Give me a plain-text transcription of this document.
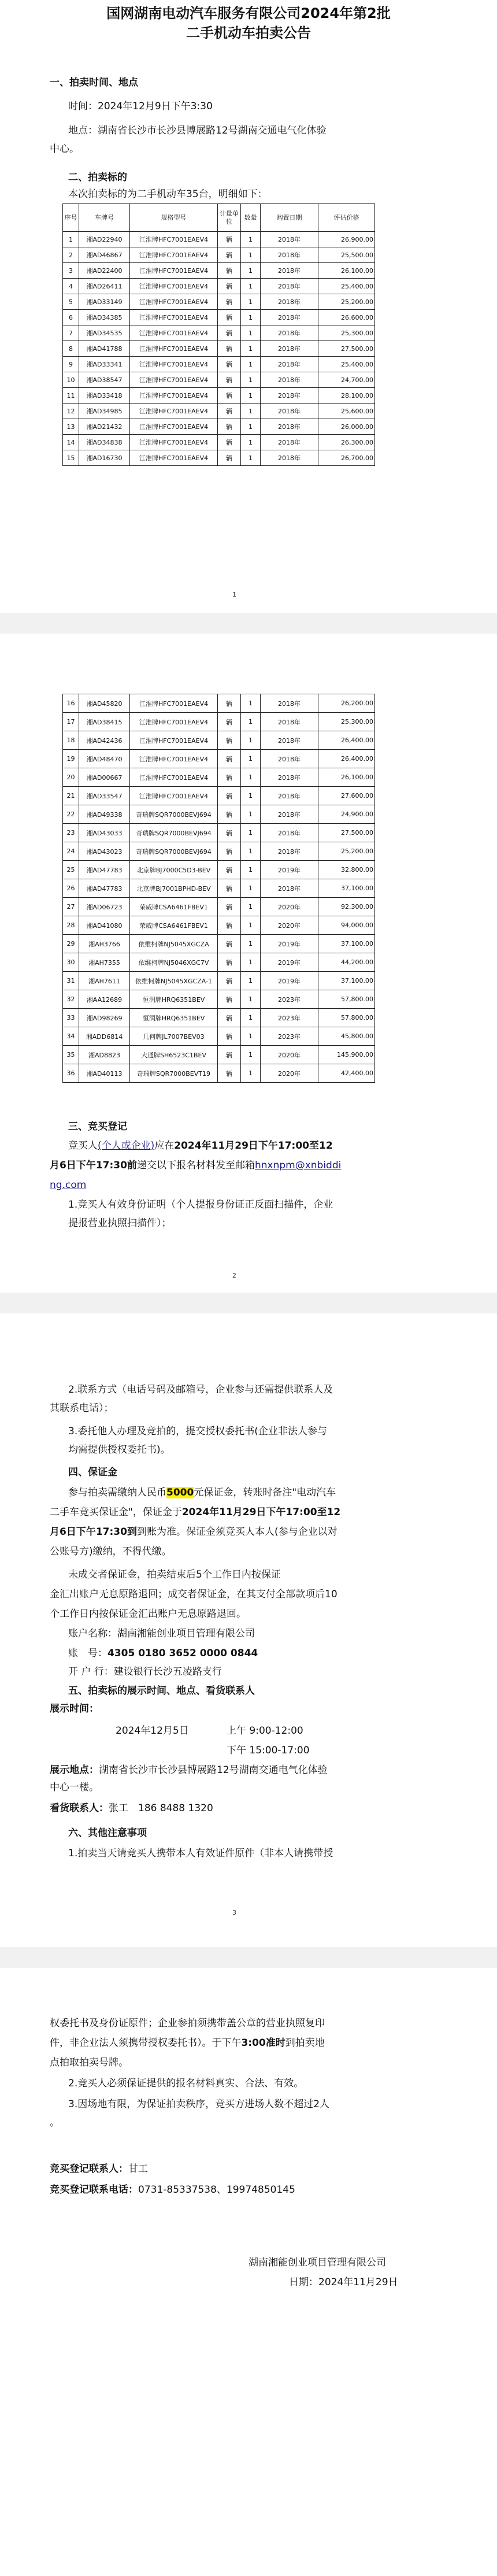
国网湖南电动汽车服务有限公司2024年第2批

二手机动车拍卖公告

一、拍卖时间、地点

时间：2024年12月9日下午3:30

地点：湖南省长沙市长沙县博展路12号湖南交通电气化体验

中心。

二、拍卖标的

本次拍卖标的为二手机动车35台，明细如下：

序号	车牌号	规格型号	计量单位	数量	购置日期	评估价格
1	湘AD22940	江淮牌HFC7001EAEV4	辆	1	2018年	26,900.00
2	湘AD46867	江淮牌HFC7001EAEV4	辆	1	2018年	25,500.00
3	湘AD22400	江淮牌HFC7001EAEV4	辆	1	2018年	26,100.00
4	湘AD26411	江淮牌HFC7001EAEV4	辆	1	2018年	25,400.00
5	湘AD33149	江淮牌HFC7001EAEV4	辆	1	2018年	25,200.00
6	湘AD34385	江淮牌HFC7001EAEV4	辆	1	2018年	26,600.00
7	湘AD34535	江淮牌HFC7001EAEV4	辆	1	2018年	25,300.00
8	湘AD41788	江淮牌HFC7001EAEV4	辆	1	2018年	27,500.00
9	湘AD33341	江淮牌HFC7001EAEV4	辆	1	2018年	25,400.00
10	湘AD38547	江淮牌HFC7001EAEV4	辆	1	2018年	24,700.00
11	湘AD33418	江淮牌HFC7001EAEV4	辆	1	2018年	28,100.00
12	湘AD34985	江淮牌HFC7001EAEV4	辆	1	2018年	25,600.00
13	湘AD21432	江淮牌HFC7001EAEV4	辆	1	2018年	26,000.00
14	湘AD34838	江淮牌HFC7001EAEV4	辆	1	2018年	26,300.00
15	湘AD16730	江淮牌HFC7001EAEV4	辆	1	2018年	26,700.00
1
16	湘AD45820	江淮牌HFC7001EAEV4	辆	1	2018年	26,200.00
17	湘AD38415	江淮牌HFC7001EAEV4	辆	1	2018年	25,300.00
18	湘AD42436	江淮牌HFC7001EAEV4	辆	1	2018年	26,400.00
19	湘AD48470	江淮牌HFC7001EAEV4	辆	1	2018年	26,400.00
20	湘AD00667	江淮牌HFC7001EAEV4	辆	1	2018年	26,100.00
21	湘AD33547	江淮牌HFC7001EAEV4	辆	1	2018年	27,600.00
22	湘AD49338	奇瑞牌SQR7000BEVJ694	辆	1	2018年	24,900.00
23	湘AD43033	奇瑞牌SQR7000BEVJ694	辆	1	2018年	27,500.00
24	湘AD43023	奇瑞牌SQR7000BEVJ694	辆	1	2018年	25,200.00
25	湘AD47783	北京牌BJ7000C5D3-BEV	辆	1	2019年	32,800.00
26	湘AD47783	北京牌BJ7001BPHD-BEV	辆	1	2018年	37,100.00
27	湘AD06723	荣威牌CSA6461FBEV1	辆	1	2020年	92,300.00
28	湘AD41080	荣威牌CSA6461FBEV1	辆	1	2020年	94,000.00
29	湘AH3766	依维柯牌NJ5045XGCZA	辆	1	2019年	37,100.00
30	湘AH7355	依维柯牌NJ5046XGC7V	辆	1	2019年	44,200.00
31	湘AH7611	依维柯牌NJ5045XGCZA-1	辆	1	2019年	37,100.00
32	湘AA12689	恒润牌HRQ6351BEV	辆	1	2023年	57,800.00
33	湘AD98269	恒润牌HRQ6351BEV	辆	1	2023年	57,800.00
34	湘ADD6814	几何牌JL7007BEV03	辆	1	2023年	45,800.00
35	湘AD8823	大通牌SH6523C1BEV	辆	1	2020年	145,900.00
36	湘AD40113	奇瑞牌SQR7000BEVT19	辆	1	2020年	42,400.00

三、竞买登记

竞买人(个人或企业)应在2024年11月29日下午17:00至12

月6日下午17:30前递交以下报名材料发至邮箱hnxnpm@xnbiddi

ng.com

1.竞买人有效身份证明（个人提报身份证正反面扫描件，企业

提报营业执照扫描件）；

2

2.联系方式（电话号码及邮箱号，企业参与还需提供联系人及

其联系电话）；

3.委托他人办理及竞拍的，提交授权委托书(企业非法人参与

均需提供授权委托书)。

四、保证金

参与拍卖需缴纳人民币5000元保证金，转账时备注"电动汽车

二手车竞买保证金"，保证金于2024年11月29日下午17:00至12

月6日下午17:30到到账为准。保证金须竞买人本人(参与企业以对

公账号方)缴纳，不得代缴。

未成交者保证金，拍卖结束后5个工作日内按保证

金汇出账户无息原路退回；成交者保证金，在其支付全部款项后10

个工作日内按保证金汇出账户无息原路退回。

账户名称：湖南湘能创业项目管理有限公司

账　号：4305 0180 3652 0000 0844

开 户 行：建设银行长沙五凌路支行

五、拍卖标的展示时间、地点、看货联系人

展示时间：

2024年12月5日	上午 9:00-12:00

下午 15:00-17:00

展示地点：湖南省长沙市长沙县博展路12号湖南交通电气化体验

中心一楼。

看货联系人：张工　186 8488 1320

六、其他注意事项

1.拍卖当天请竞买人携带本人有效证件原件（非本人请携带授

3

权委托书及身份证原件；企业参拍须携带盖公章的营业执照复印

件，非企业法人须携带授权委托书）。于下午3:00准时到拍卖地

点拍取拍卖号牌。

2.竞买人必须保证提供的报名材料真实、合法、有效。

3.因场地有限，为保证拍卖秩序，竞买方进场人数不超过2人

。

竞买登记联系人：甘工

竞买登记联系电话：0731-85337538、19974850145

湖南湘能创业项目管理有限公司

日期：2024年11月29日
